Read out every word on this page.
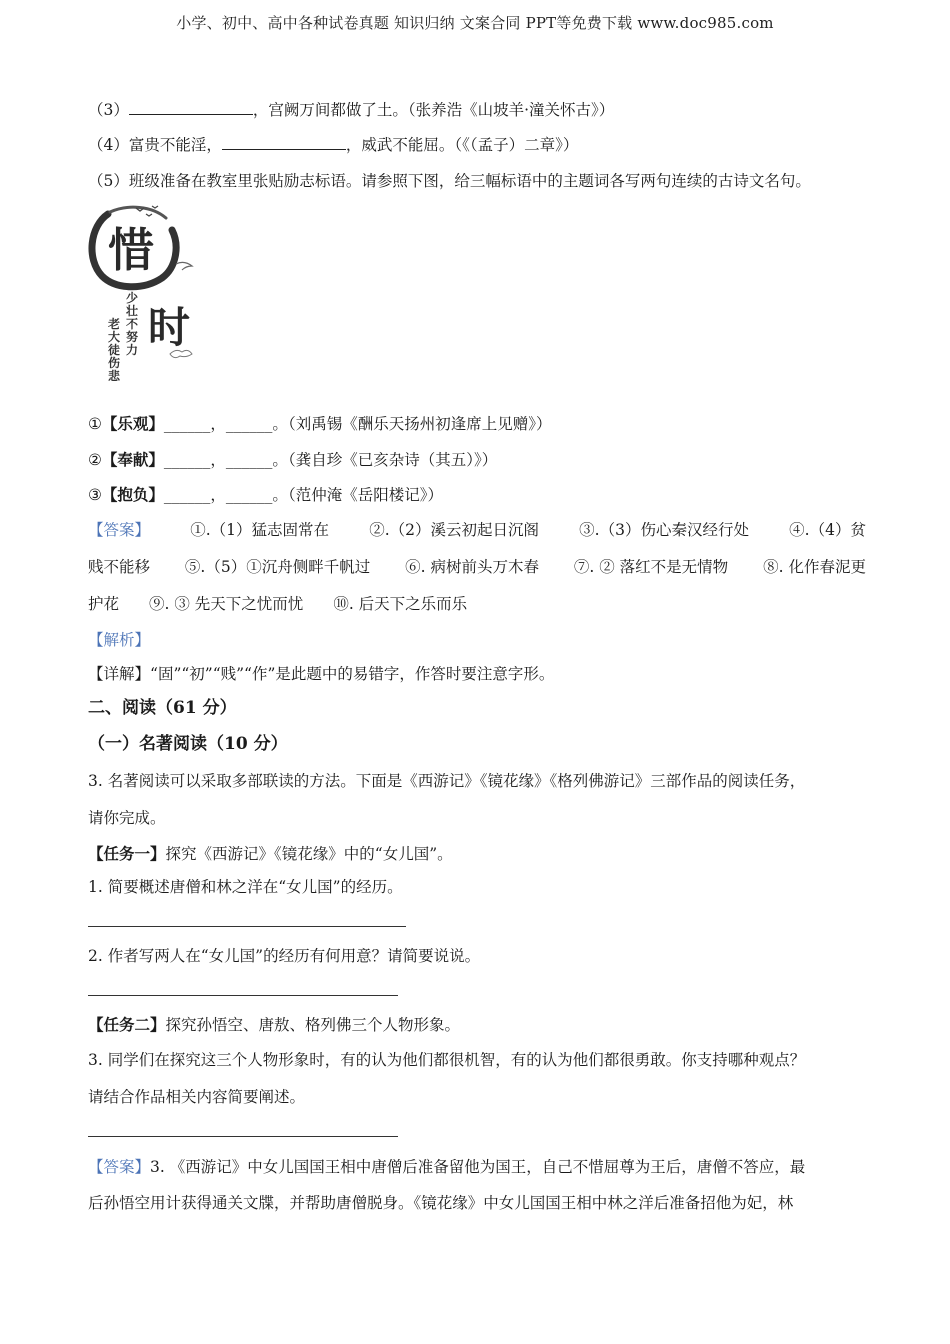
小学、初中、高中各种试卷真题 知识归纳 文案合同 PPT等免费下载 www.doc985.com
（3）	，宫阙万间都做了土。（张养浩《山坡羊·潼关怀古》）
（4）富贵不能淫，	，威武不能屈。（《（孟子）二章》）
（5）班级准备在教室里张贴励志标语。请参照下图，给三幅标语中的主题词各写两句连续的古诗文名句。
惜
时
少壮不努力
老大徒伤悲
①【乐观】______，______。（刘禹锡《酬乐天扬州初逢席上见赠》）
②【奉献】______，______。（龚自珍《已亥杂诗（其五）》）
③【抱负】______，______。（范仲淹《岳阳楼记》）
【答案】	①.（1）猛志固常在	②.（2）溪云初起日沉阁	③.（3）伤心秦汉经行处	④.（4）贫
贱不能移 ⑤.（5）①沉舟侧畔千帆过 ⑥. 病树前头万木春 ⑦. ② 落红不是无情物 ⑧. 化作春泥更
护花 ⑨. ③ 先天下之忧而忧 ⑩. 后天下之乐而乐
【解析】
【详解】“固”“初”“贱”“作”是此题中的易错字，作答时要注意字形。
二、阅读（61 分）
（一）名著阅读（10 分）
3. 名著阅读可以采取多部联读的方法。下面是《西游记》《镜花缘》《格列佛游记》三部作品的阅读任务，
请你完成。
【任务一】探究《西游记》《镜花缘》中的“女儿国”。
1. 简要概述唐僧和林之洋在“女儿国”的经历。
2. 作者写两人在“女儿国”的经历有何用意？请简要说说。
【任务二】探究孙悟空、唐敖、格列佛三个人物形象。
3. 同学们在探究这三个人物形象时，有的认为他们都很机智，有的认为他们都很勇敢。你支持哪种观点？
请结合作品相关内容简要阐述。
【答案】3. 《西游记》中女儿国国王相中唐僧后准备留他为国王，自己不惜屈尊为王后，唐僧不答应，最
后孙悟空用计获得通关文牒，并帮助唐僧脱身。《镜花缘》中女儿国国王相中林之洋后准备招他为妃，林
